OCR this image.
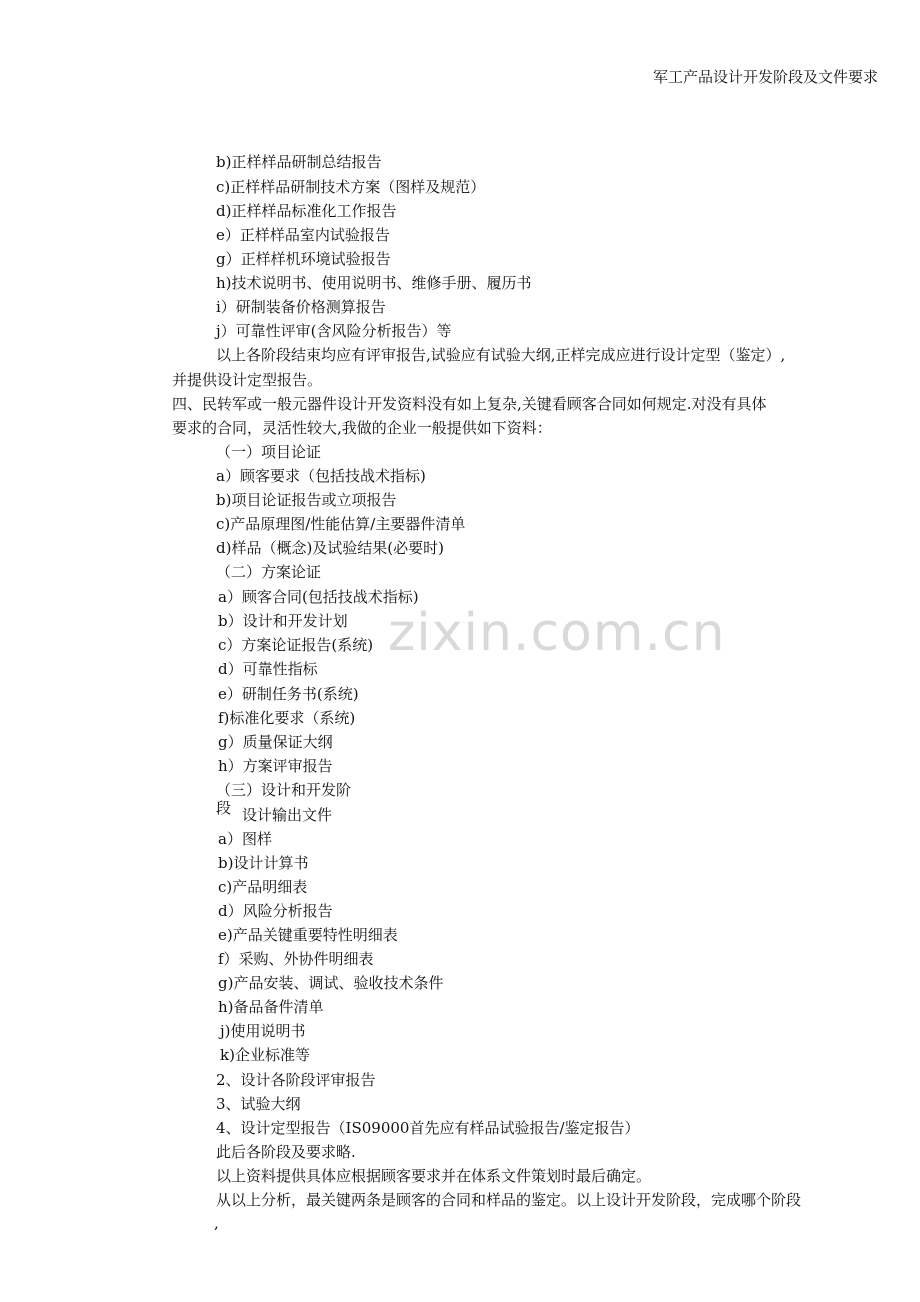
zixin.com.cn
军工产品设计开发阶段及文件要求
b)正样样品研制总结报告
c)正样样品研制技术方案（图样及规范）
d)正样样品标准化工作报告
e）正样样品室内试验报告
g）正样样机环境试验报告
h)技术说明书、使用说明书、维修手册、履历书
i）研制装备价格测算报告
j）可靠性评审(含风险分析报告）等
以上各阶段结束均应有评审报告,试验应有试验大纲,正样完成应进行设计定型（鉴定）,
并提供设计定型报告。
四、民转军或一般元器件设计开发资料没有如上复杂,关键看顾客合同如何规定.对没有具体
要求的合同，灵活性较大,我做的企业一般提供如下资料：
（一）项目论证
a）顾客要求（包括技战术指标)
b)项目论证报告或立项报告
c)产品原理图/性能估算/主要器件清单
d)样品（概念)及试验结果(必要时)
（二）方案论证
a）顾客合同(包括技战术指标)
b）设计和开发计划
c）方案论证报告(系统)
d）可靠性指标
e）研制任务书(系统)
f)标准化要求（系统)
g）质量保证大纲
h）方案评审报告
（三）设计和开发阶
段 设计输出文件
a）图样
b)设计计算书
c)产品明细表
d）风险分析报告
e)产品关键重要特性明细表
f）采购、外协件明细表
g)产品安装、调试、验收技术条件
h)备品备件清单
j)使用说明书
k)企业标准等
2、设计各阶段评审报告
3、试验大纲
4、设计定型报告（IS09000首先应有样品试验报告/鉴定报告）
此后各阶段及要求略.
以上资料提供具体应根据顾客要求并在体系文件策划时最后确定。
从以上分析，最关键两条是顾客的合同和样品的鉴定。以上设计开发阶段，完成哪个阶段
,
